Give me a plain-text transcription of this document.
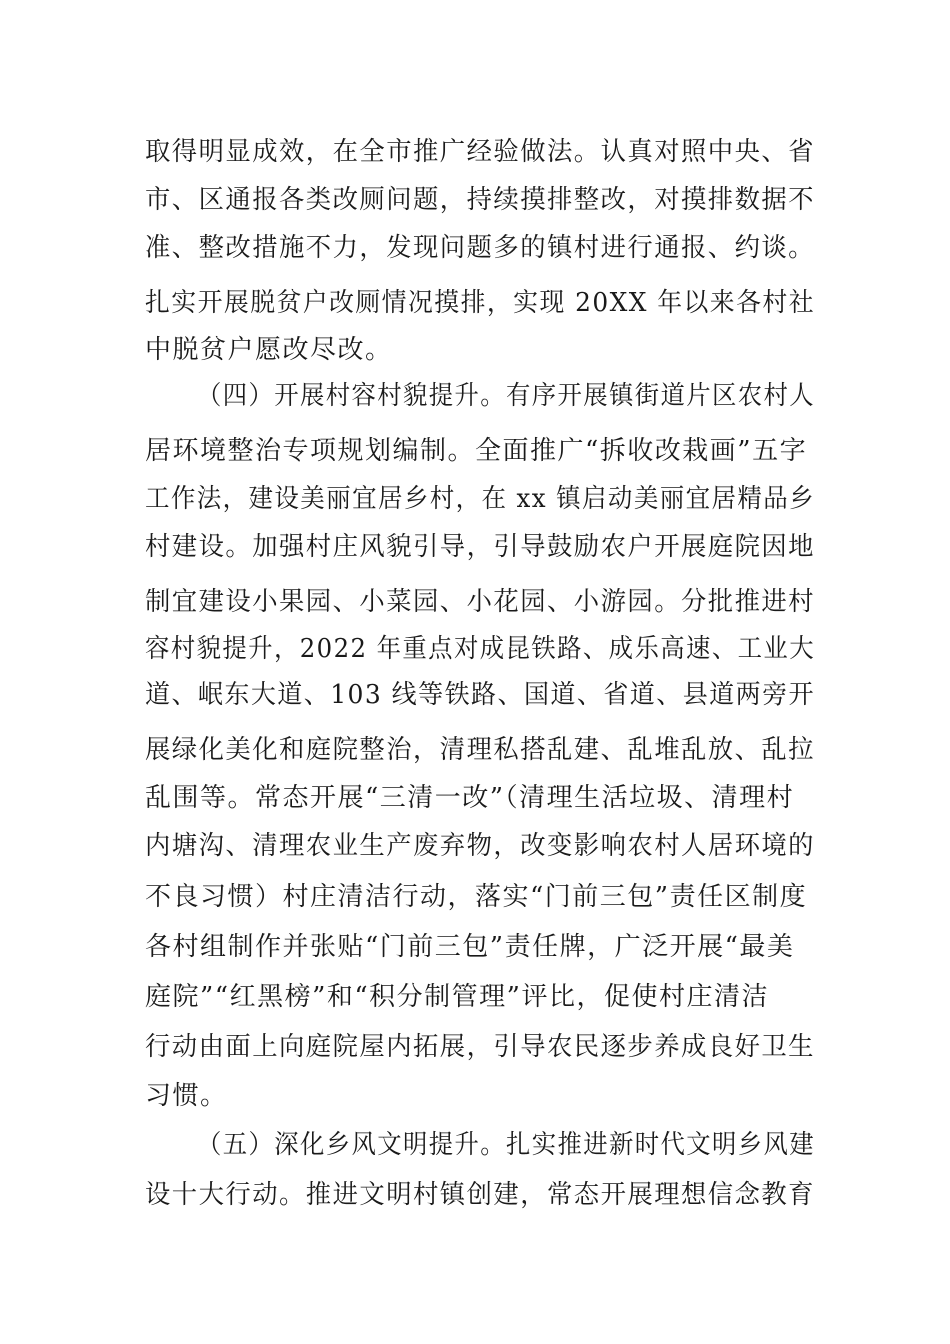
取得明显成效，在全市推广经验做法。认真对照中央、省
市、区通报各类改厕问题，持续摸排整改，对摸排数据不
准、整改措施不力，发现问题多的镇村进行通报、约谈。
扎实开展脱贫户改厕情况摸排，实现 20XX 年以来各村社
中脱贫户愿改尽改。
（四）开展村容村貌提升。有序开展镇街道片区农村人
居环境整治专项规划编制。全面推广“拆收改栽画”五字
工作法，建设美丽宜居乡村，在 xx 镇启动美丽宜居精品乡
村建设。加强村庄风貌引导，引导鼓励农户开展庭院因地
制宜建设小果园、小菜园、小花园、小游园。分批推进村
容村貌提升，2022 年重点对成昆铁路、成乐高速、工业大
道、岷东大道、103 线等铁路、国道、省道、县道两旁开
展绿化美化和庭院整治，清理私搭乱建、乱堆乱放、乱拉
乱围等。常态开展“三清一改”（清理生活垃圾、清理村
内塘沟、清理农业生产废弃物，改变影响农村人居环境的
不良习惯）村庄清洁行动，落实“门前三包”责任区制度
各村组制作并张贴“门前三包”责任牌，广泛开展“最美
庭院”“红黑榜”和“积分制管理”评比，促使村庄清洁
行动由面上向庭院屋内拓展，引导农民逐步养成良好卫生
习惯。
（五）深化乡风文明提升。扎实推进新时代文明乡风建
设十大行动。推进文明村镇创建，常态开展理想信念教育
